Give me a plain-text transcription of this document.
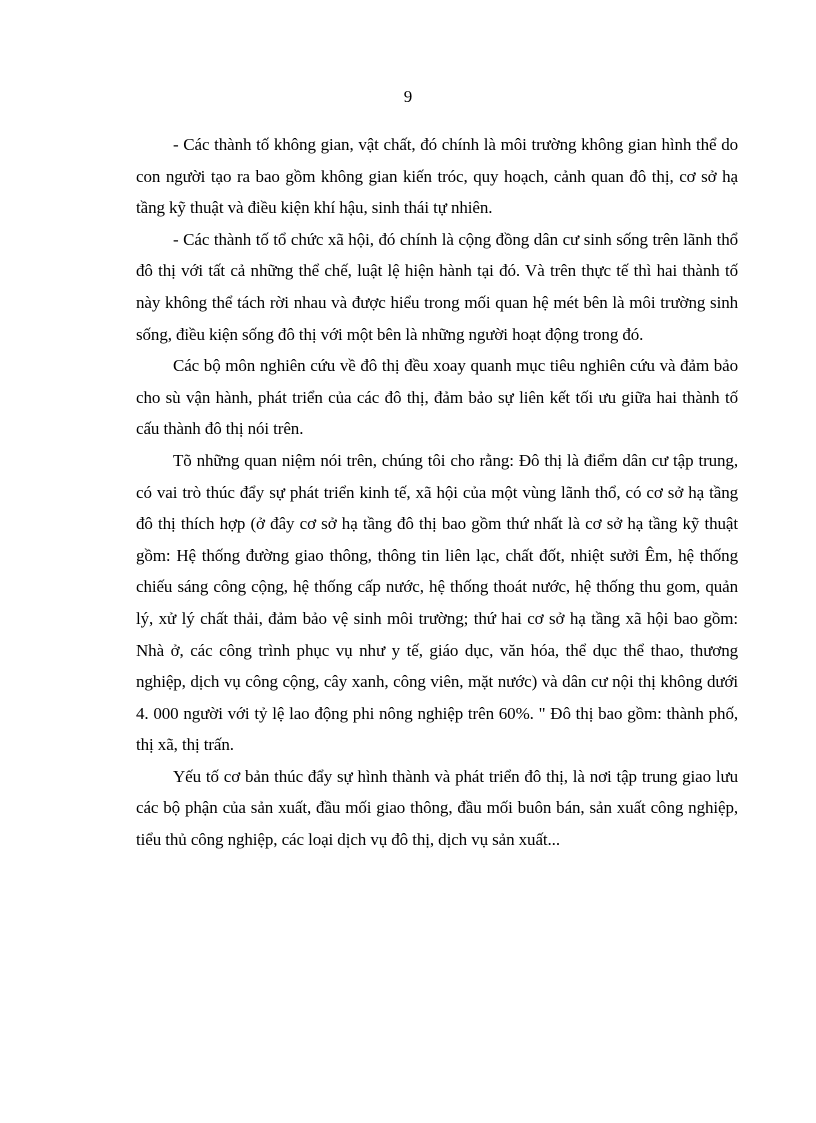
9

- Các thành tố không gian, vật chất, đó chính là môi trường không gian hình thể do con người tạo ra bao gồm không gian kiến tróc, quy hoạch, cảnh quan đô thị, cơ sở hạ tầng kỹ thuật và điều kiện khí hậu, sinh thái tự nhiên.

- Các thành tố tổ chức xã hội, đó chính là cộng đồng dân cư sinh sống trên lãnh thổ đô thị với tất cả những thể chế, luật lệ hiện hành tại đó. Và trên thực tế thì hai thành tố này không thể tách rời nhau và được hiểu trong mối quan hệ mét bên là môi trường sinh sống, điều kiện sống đô thị với một bên là những người hoạt động trong đó.

Các bộ môn nghiên cứu về đô thị đều xoay quanh mục tiêu nghiên cứu và đảm bảo cho sù vận hành, phát triển của các đô thị, đảm bảo sự liên kết tối ưu giữa hai thành tố cấu thành đô thị nói trên.

Tõ những quan niệm nói trên, chúng tôi cho rằng: Đô thị là điểm dân cư tập trung, có vai trò thúc đẩy sự phát triển kinh tế, xã hội của một vùng lãnh thổ, có cơ sở hạ tầng đô thị thích hợp (ở đây cơ sở hạ tầng đô thị bao gồm thứ nhất là cơ sở hạ tầng kỹ thuật gồm: Hệ thống đường giao thông, thông tin liên lạc, chất đốt, nhiệt sưởi Êm, hệ thống chiếu sáng công cộng, hệ thống cấp nước, hệ thống thoát nước, hệ thống thu gom, quản lý, xử lý chất thải, đảm bảo vệ sinh môi trường; thứ hai cơ sở hạ tầng xã hội bao gồm: Nhà ở, các công trình phục vụ như y tế, giáo dục, văn hóa, thể dục thể thao, thương nghiệp, dịch vụ công cộng, cây xanh, công viên, mặt nước) và dân cư nội thị không dưới 4. 000 người với tỷ lệ lao động phi nông nghiệp trên 60%. " Đô thị bao gồm: thành phố, thị xã, thị trấn.

Yếu tố cơ bản thúc đẩy sự hình thành và phát triển đô thị, là nơi tập trung giao lưu các bộ phận của sản xuất, đầu mối giao thông, đầu mối buôn bán, sản xuất công nghiệp, tiểu thủ công nghiệp, các loại dịch vụ đô thị, dịch vụ sản xuất...
